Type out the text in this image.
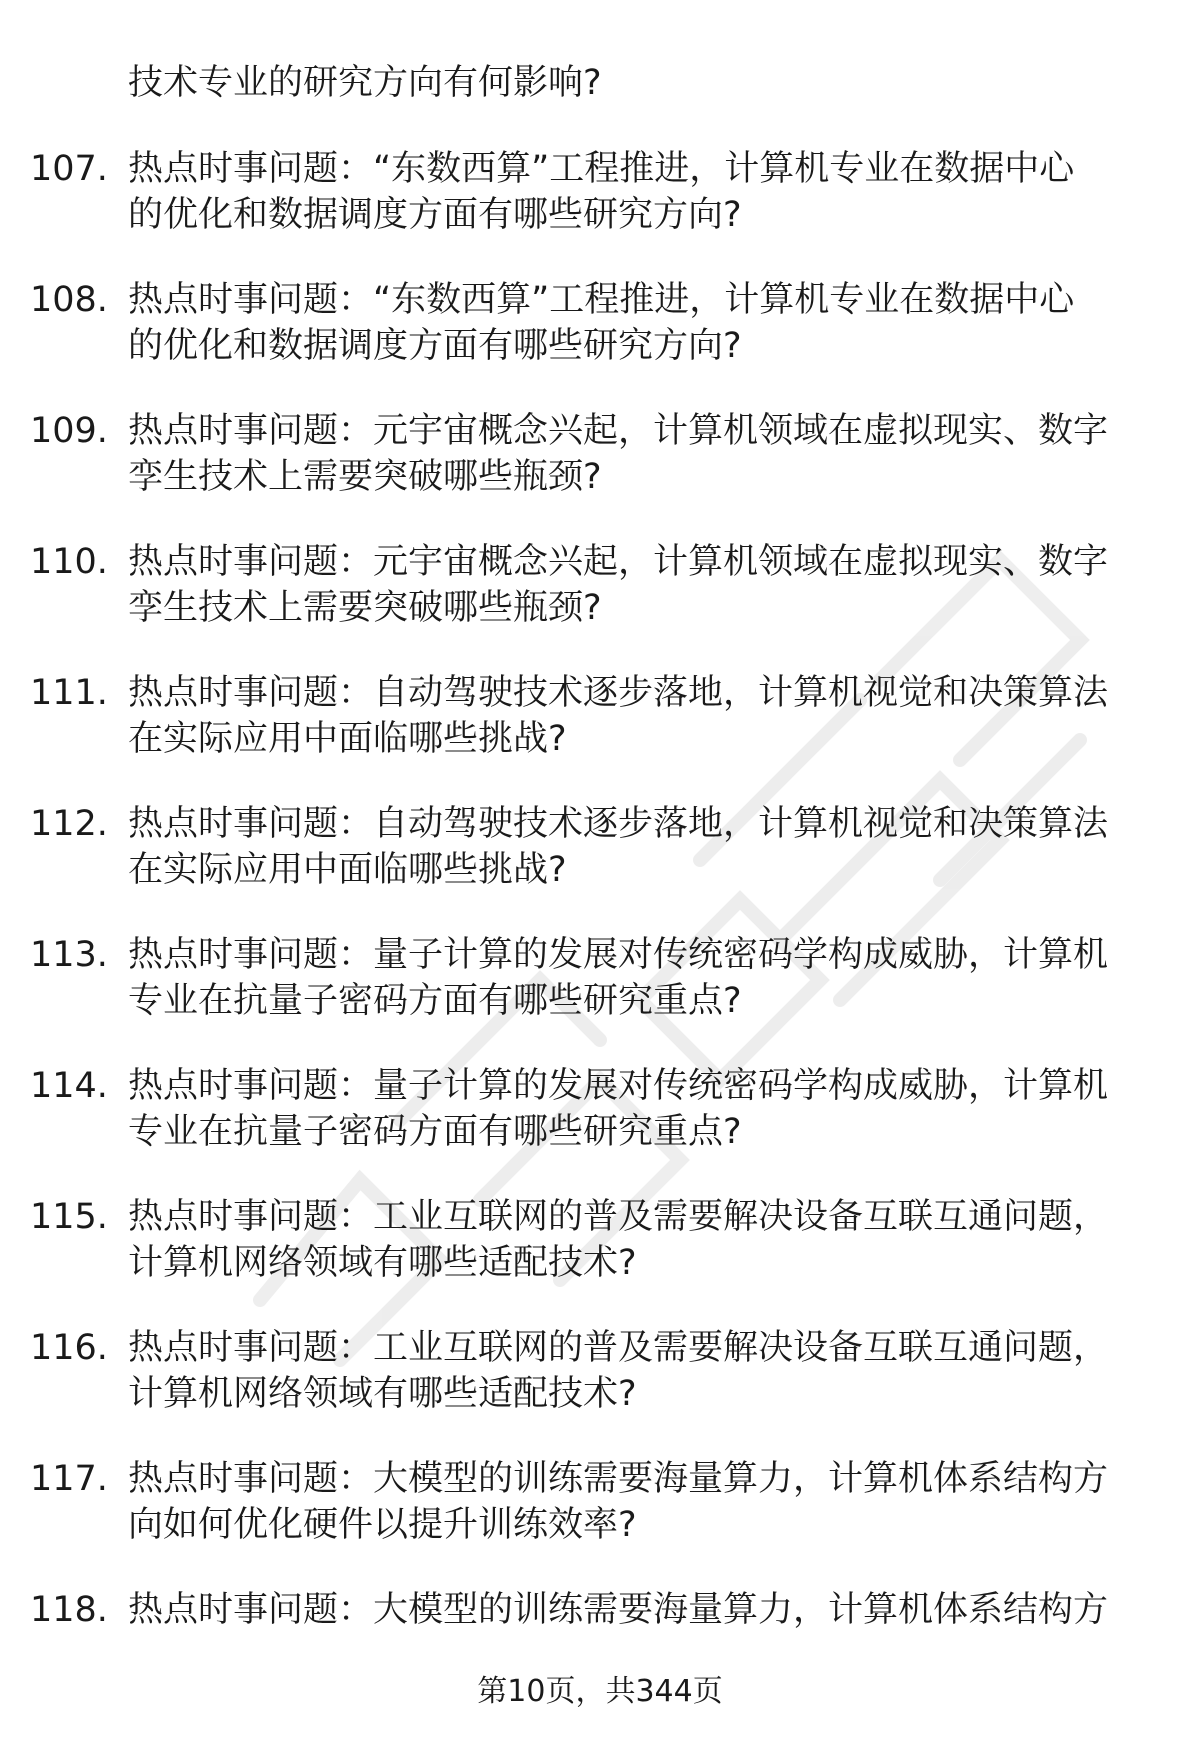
技术专业的研究方向有何影响?
107. 热点时事问题：“东数西算”工程推进，计算机专业在数据中心
的优化和数据调度方面有哪些研究方向?
108. 热点时事问题：“东数西算”工程推进，计算机专业在数据中心
的优化和数据调度方面有哪些研究方向?
109. 热点时事问题：元宇宙概念兴起，计算机领域在虚拟现实、数字
孪生技术上需要突破哪些瓶颈?
110. 热点时事问题：元宇宙概念兴起，计算机领域在虚拟现实、数字
孪生技术上需要突破哪些瓶颈?
111. 热点时事问题：自动驾驶技术逐步落地，计算机视觉和决策算法
在实际应用中面临哪些挑战?
112. 热点时事问题：自动驾驶技术逐步落地，计算机视觉和决策算法
在实际应用中面临哪些挑战?
113. 热点时事问题：量子计算的发展对传统密码学构成威胁，计算机
专业在抗量子密码方面有哪些研究重点?
114. 热点时事问题：量子计算的发展对传统密码学构成威胁，计算机
专业在抗量子密码方面有哪些研究重点?
115. 热点时事问题：工业互联网的普及需要解决设备互联互通问题，
计算机网络领域有哪些适配技术?
116. 热点时事问题：工业互联网的普及需要解决设备互联互通问题，
计算机网络领域有哪些适配技术?
117. 热点时事问题：大模型的训练需要海量算力，计算机体系结构方
向如何优化硬件以提升训练效率?
118. 热点时事问题：大模型的训练需要海量算力，计算机体系结构方
第10页，共344页
